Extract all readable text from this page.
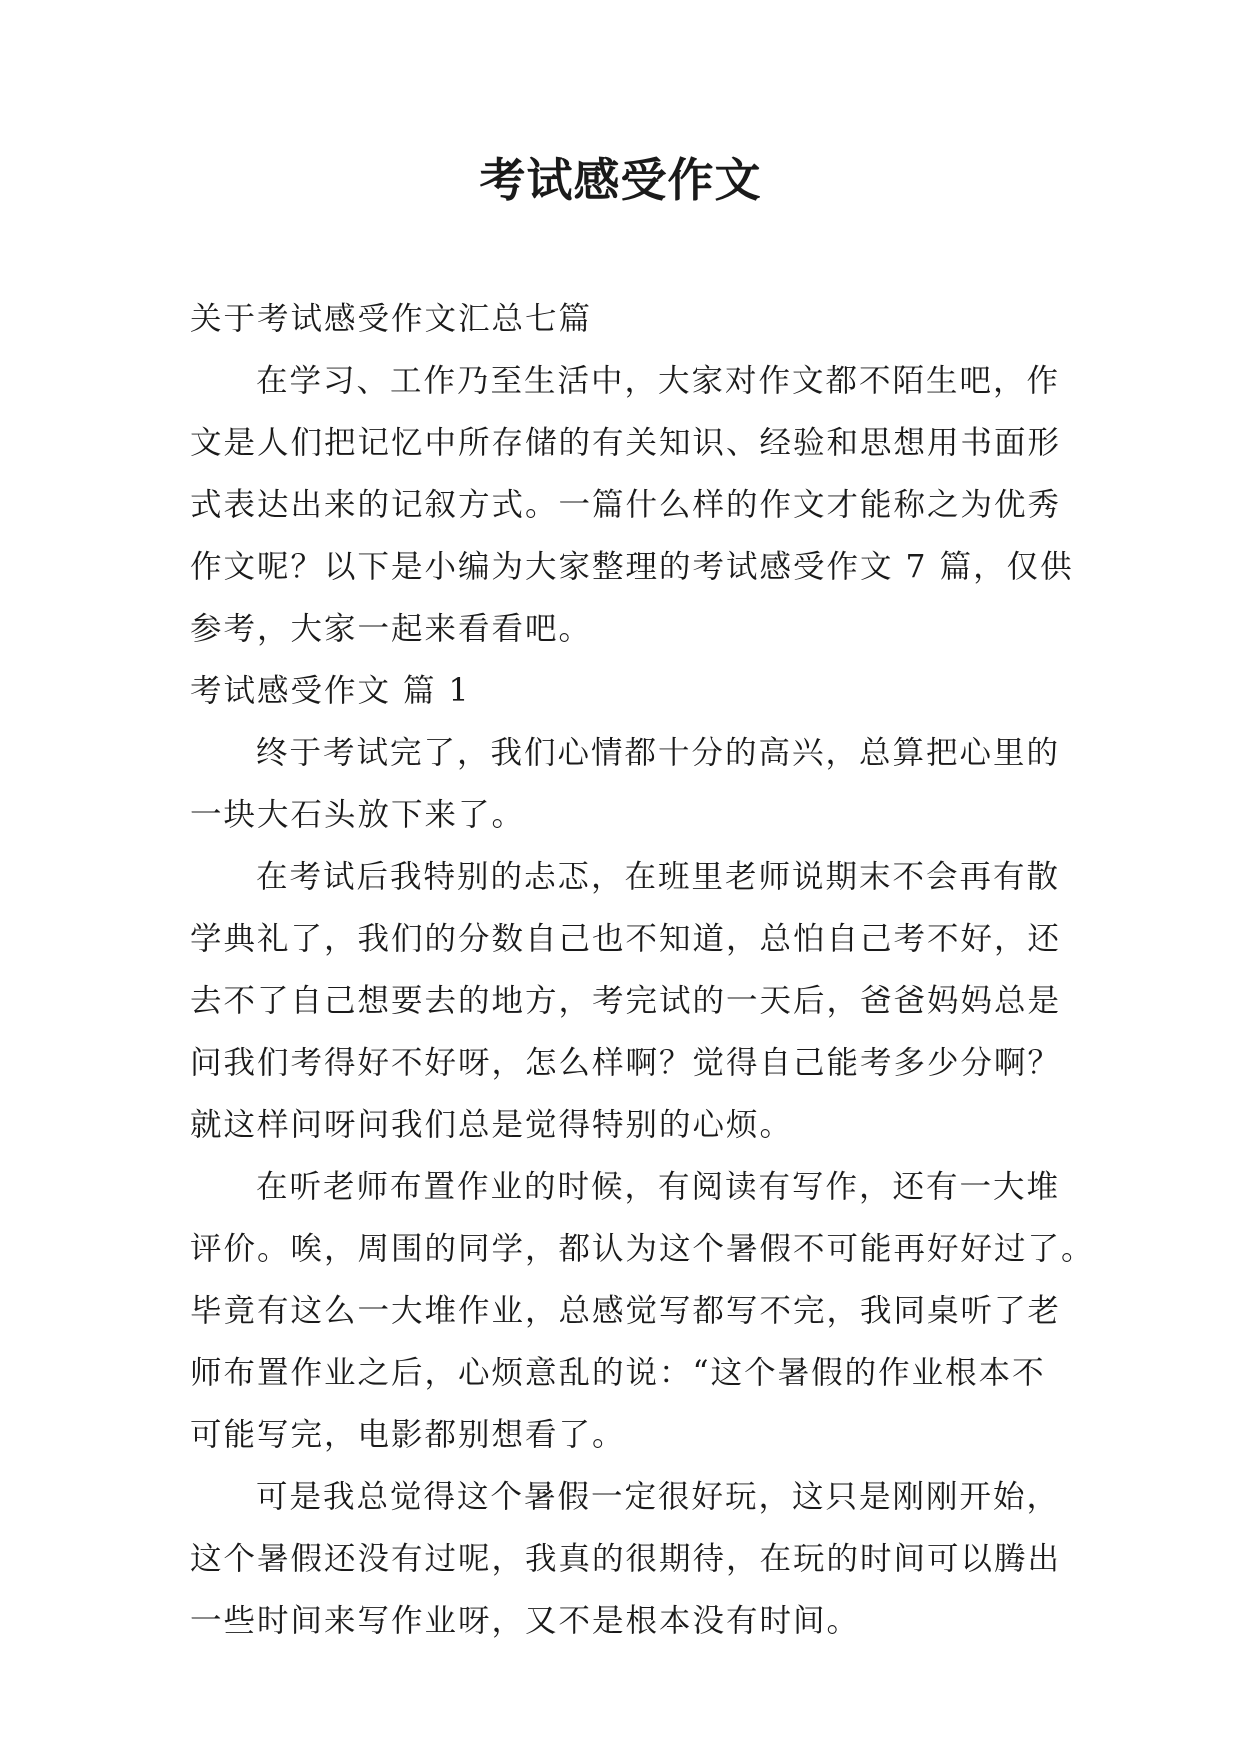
考试感受作文
关于考试感受作文汇总七篇
在学习、工作乃至生活中，大家对作文都不陌生吧，作
文是人们把记忆中所存储的有关知识、经验和思想用书面形
式表达出来的记叙方式。一篇什么样的作文才能称之为优秀
作文呢？以下是小编为大家整理的考试感受作文 7 篇，仅供
参考，大家一起来看看吧。
考试感受作文 篇 1
终于考试完了，我们心情都十分的高兴，总算把心里的
一块大石头放下来了。
在考试后我特别的忐忑，在班里老师说期末不会再有散
学典礼了，我们的分数自己也不知道，总怕自己考不好，还
去不了自己想要去的地方，考完试的一天后，爸爸妈妈总是
问我们考得好不好呀，怎么样啊？觉得自己能考多少分啊？
就这样问呀问我们总是觉得特别的心烦。
在听老师布置作业的时候，有阅读有写作，还有一大堆
评价。唉，周围的同学，都认为这个暑假不可能再好好过了。
毕竟有这么一大堆作业，总感觉写都写不完，我同桌听了老
师布置作业之后，心烦意乱的说：“这个暑假的作业根本不
可能写完，电影都别想看了。
可是我总觉得这个暑假一定很好玩，这只是刚刚开始，
这个暑假还没有过呢，我真的很期待，在玩的时间可以腾出
一些时间来写作业呀，又不是根本没有时间。
